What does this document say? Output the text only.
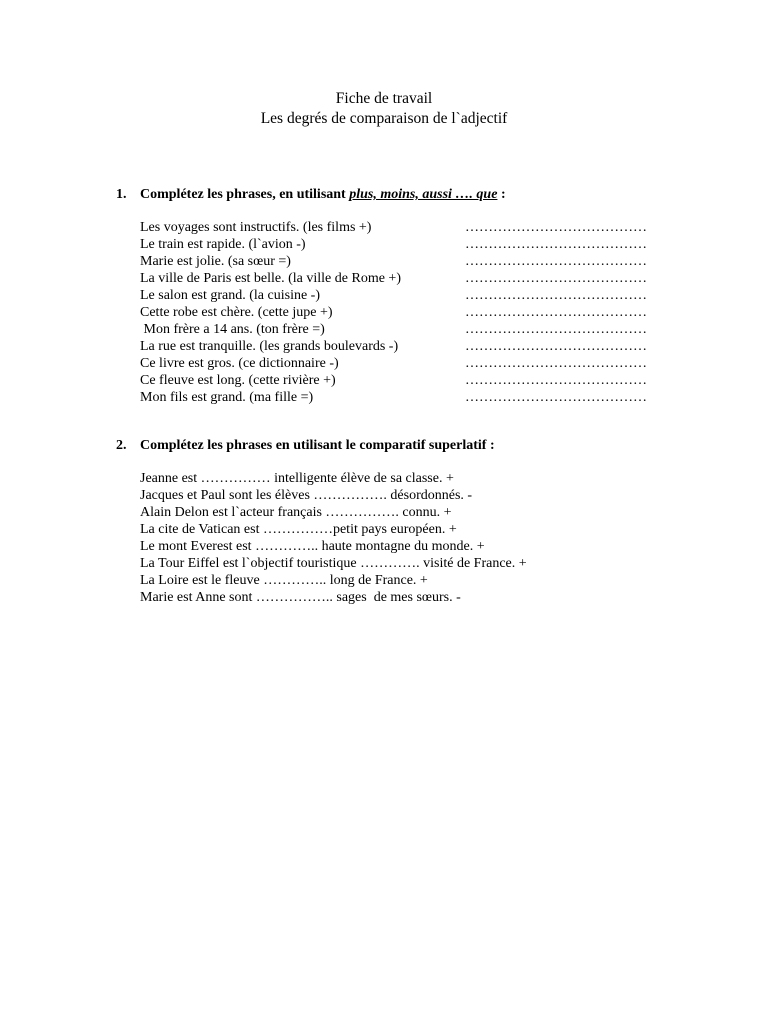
Fiche de travail
Les degrés de comparaison de l`adjectif
1. Complétez les phrases, en utilisant plus, moins, aussi …. que :
Les voyages sont instructifs. (les films +)	…………………………………
Le train est rapide. (l`avion -)	…………………………………
Marie est jolie. (sa sœur =)	…………………………………
La ville de Paris est belle. (la ville de Rome +)	…………………………………
Le salon est grand. (la cuisine -)	…………………………………
Cette robe est chère. (cette jupe +)	…………………………………
Mon frère a 14 ans. (ton frère =)	…………………………………
La rue est tranquille. (les grands boulevards -)	…………………………………
Ce livre est gros. (ce dictionnaire -)	…………………………………
Ce fleuve est long. (cette rivière +)	…………………………………
Mon fils est grand. (ma fille =)	…………………………………
2. Complétez les phrases en utilisant le comparatif superlatif :
Jeanne est …………… intelligente élève de sa classe. +
Jacques et Paul sont les élèves ……………. désordonnés. -
Alain Delon est l`acteur français ……………. connu. +
La cite de Vatican est ……………petit pays européen. +
Le mont Everest est ………….. haute montagne du monde. +
La Tour Eiffel est l`objectif touristique …………. visité de France. +
La Loire est le fleuve ………….. long de France. +
Marie est Anne sont …………….. sages  de mes sœurs. -
